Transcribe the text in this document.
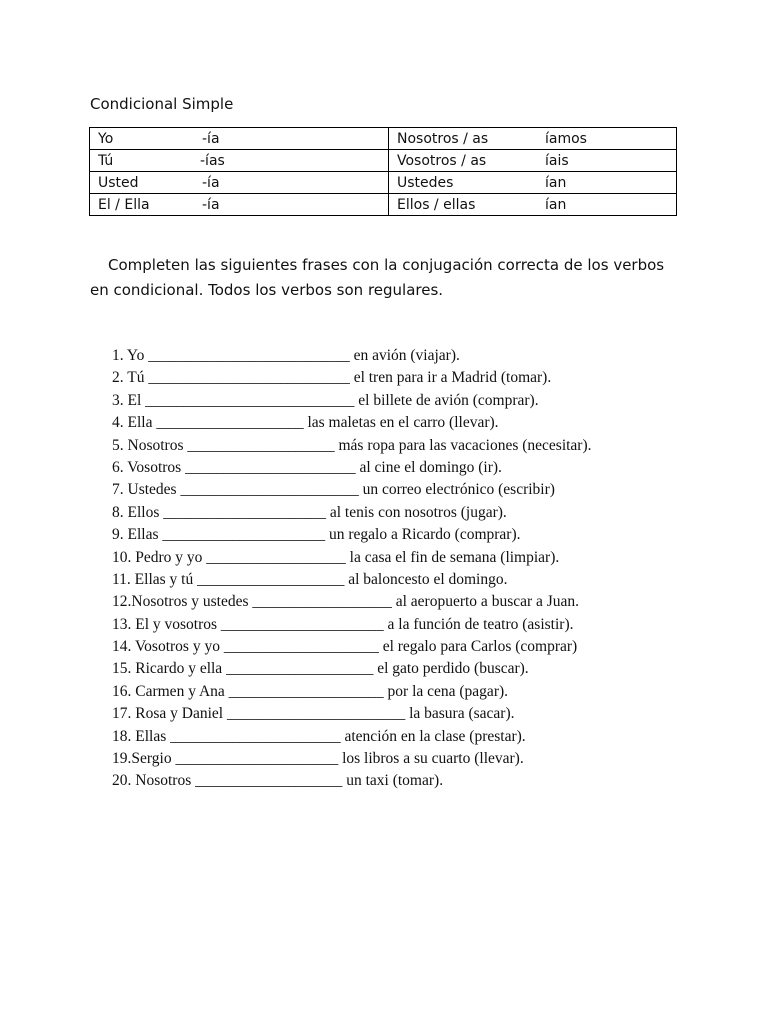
Condicional Simple
Yo -ía	Nosotros / as íamos
Tú -ías	Vosotros / as íais
Usted -ía	Ustedes ían
El / Ella -ía	Ellos / ellas ían
Completen las siguientes frases con la conjugación correcta de los verbos en condicional. Todos los verbos son regulares.
1. Yo __________________________ en avión (viajar).
2. Tú __________________________ el tren para ir a Madrid (tomar).
3. El ___________________________ el billete de avión (comprar).
4. Ella ___________________ las maletas en el carro (llevar).
5. Nosotros ___________________ más ropa para las vacaciones (necesitar).
6. Vosotros ______________________ al cine el domingo (ir).
7. Ustedes _______________________ un correo electrónico (escribir)
8. Ellos _____________________ al tenis con nosotros (jugar).
9. Ellas _____________________ un regalo a Ricardo (comprar).
10. Pedro y yo __________________ la casa el fin de semana (limpiar).
11. Ellas y tú ___________________ al baloncesto el domingo.
12.Nosotros y ustedes __________________ al aeropuerto a buscar a Juan.
13. El y vosotros _____________________ a la función de teatro (asistir).
14. Vosotros y yo ____________________ el regalo para Carlos (comprar)
15. Ricardo y ella ___________________ el gato perdido (buscar).
16. Carmen y Ana ____________________ por la cena (pagar).
17. Rosa y Daniel _______________________ la basura (sacar).
18. Ellas ______________________ atención en la clase (prestar).
19.Sergio _____________________ los libros a su cuarto (llevar).
20. Nosotros ___________________ un taxi (tomar).
